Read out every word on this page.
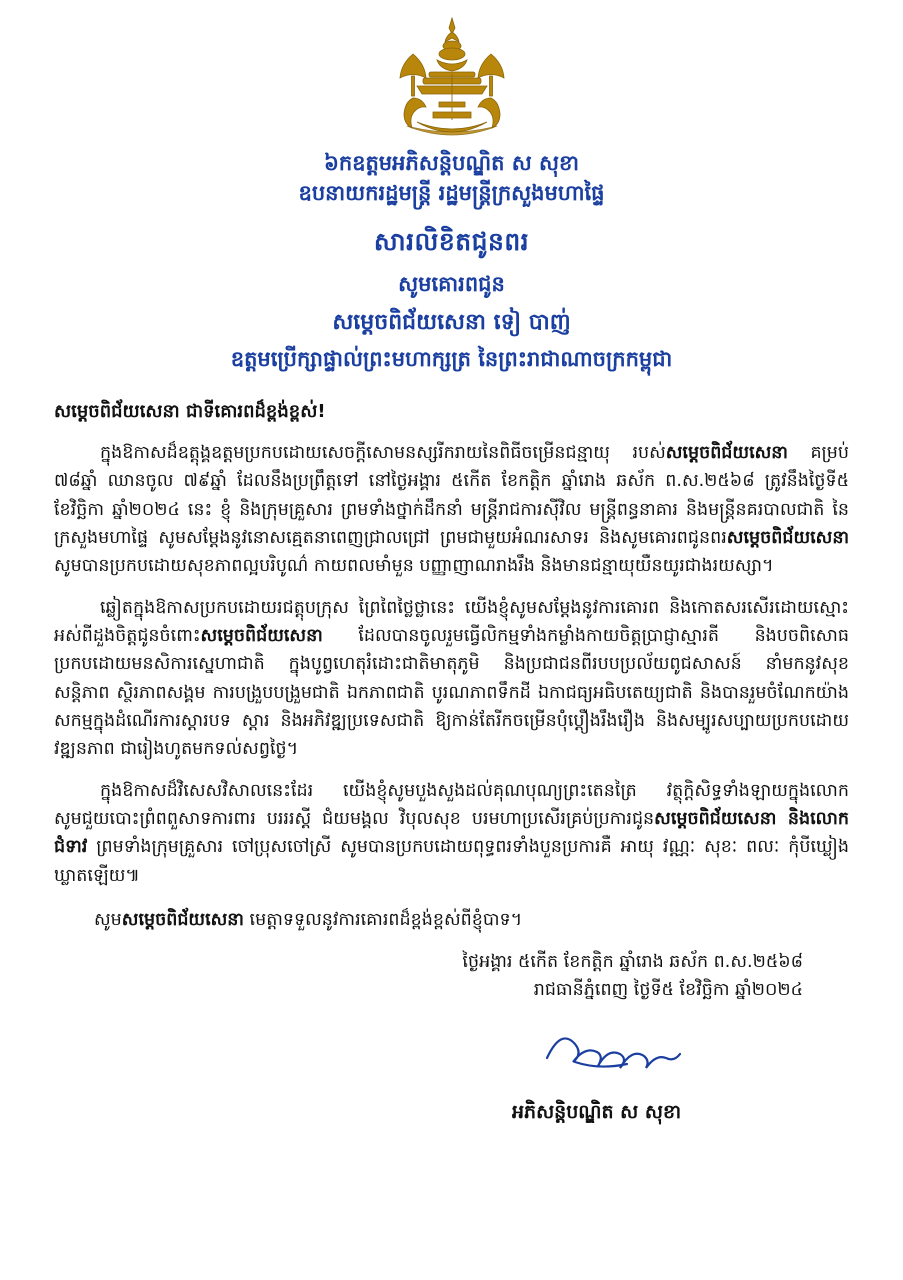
៦កឧត្តមអភិសន្តិបណ្ឌិត ស សុខា
ឧបនាយករដ្ឋមន្ត្រី រដ្ឋមន្ត្រីក្រសួងមហាផ្ទៃ
សារលិខិតជូនពរ
សូមគោរពជូន
សម្តេចពិជ័យសេនា ទៀ បាញ់
ឧត្តមប្រេីក្សាផ្ទាល់ព្រះមហាក្សត្រ នៃព្រះរាជាណាចក្រកម្ពុជា
សម្តេចពិជ័យសេនា ជាទីគោរពដ៏ខ្ពង់ខ្ពស់!

ក្នុងឱកាសដ៏ឧត្តុង្គឧត្តមប្រកបដោយសេចក្តីសោមនស្សរីករាយនៃពិធីចម្រើនជន្មាយុ របស់សម្តេចពិជ័យសេនា គម្រប់ ៧៨ឆ្នាំ ឈានចូល ៧៩ឆ្នាំ ដែលនឹងប្រព្រឹត្តទៅ នៅថ្ងៃអង្គារ ៥កើត ខែកត្តិក ឆ្នាំរោង ឆស័ក ព.ស.២៥៦៨ ត្រូវនឹងថ្ងៃទី៥ ខែវិច្ឆិកា ឆ្នាំ២០២៤ នេះ ខ្ញុំ និងក្រុមគ្រួសារ ព្រមទាំងថ្នាក់ដឹកនាំ មន្ត្រីរាជការស៊ីវិល មន្ត្រីពន្ធនាគារ និងមន្ត្រីនគរបាលជាតិ នៃក្រសួងមហាផ្ទៃ សូមសម្តែងនូវនោសគ្មេតនាពេញជ្រាលជ្រៅ ព្រមជាមួយអំណរសាទរ និងសូមគោរពជូនពរសម្តេចពិជ័យសេនា សូមបានប្រកបដោយសុខភាពល្អបរិបូណ៌ កាយពលមាំមួន បញ្ញាញាណរាងរឹង និងមានជន្មាយុយឺនយូរជាងរយស្សា។

ឆ្លៀតក្នុងឱកាសប្រកបដោយរជត្តុបក្រុស ព្រៃពៃថ្លៃថ្លានេះ យើងខ្ញុំសូមសម្តែងនូវការគោរព និងកោតសរសេីរដោយស្មោះអស់ពីដួងចិត្តជូនចំពោះសម្តេចពិជ័យសេនា ដែលបានចូលរួមធ្វើលិកម្មទាំងកម្លាំងកាយចិត្តប្រាជ្ញាស្មារតី និងបចពិសោធ ប្រកបដោយមនសិការស្នេហាជាតិ ក្នុងបូព្វហេតុរំដោះជាតិមាតុភូមិ និងប្រជាជនពីរបបប្រល័យពូជសាសន៍ នាំមកនូវសុខសន្តិភាព ស្ថិរភាពសង្គម ការបង្រួបបង្រួមជាតិ ឯកភាពជាតិ បូរណភាពទឹកដី ឯកាជធ្យអធិបតេយ្យជាតិ និងបានរួមចំណែកយ៉ាងសកម្មក្នុងដំណេីរការស្តារបទ ស្តារ និងអភិវឌ្ឍប្រទេសជាតិ ឱ្យកាន់តែរីកចម្រើនប៉ុំប្ដឿងរឹងរឿង និងសម្បូរសប្បាយប្រកបដោយវឌ្ឍនភាព ជារៀងហូតមកទល់សព្វថ្ងៃ។

ក្នុងឱកាសដ៏វិសេសវិសាលនេះដែរ យេីងខ្ញុំសូមបួងសួងដល់គុណបុណ្យព្រះតេនត្រៃ វត្ថុក្តិសិទ្ធទាំងឡាយក្នុងលោក សូមជួយបោះព្រំពពួសាទការពារ បរររស្ដី ជំយមង្គល វិបុលសុខ បរមហាប្រសេីរគ្រប់ប្រការជូនសម្តេចពិជ័យសេនា និងលោកជំទាវ ព្រមទាំងក្រុមគ្រួសារ ចៅប្រុសចៅស្រី សូមបានប្រកបដោយពុទ្ធពរទាំងបួនប្រការគឺ អាយុ វណ្ណៈ សុខៈ ពលៈ កុំបីឃ្លៀងឃ្លាតឡេីយ៕

សូមសម្តេចពិជ័យសេនា មេត្តាទទួលនូវការគោរពដ៏ខ្ពង់ខ្ពស់ពីខ្ញុំបាទ។
ថ្ងៃអង្គារ ៥កើត ខែកត្តិក ឆ្នាំរោង ឆស័ក ព.ស.២៥៦៨
រាជធានីភ្នំពេញ ថ្ងៃទី៥ ខែវិច្ឆិកា ឆ្នាំ២០២៤
អភិសន្តិបណ្ឌិត ស សុខា
